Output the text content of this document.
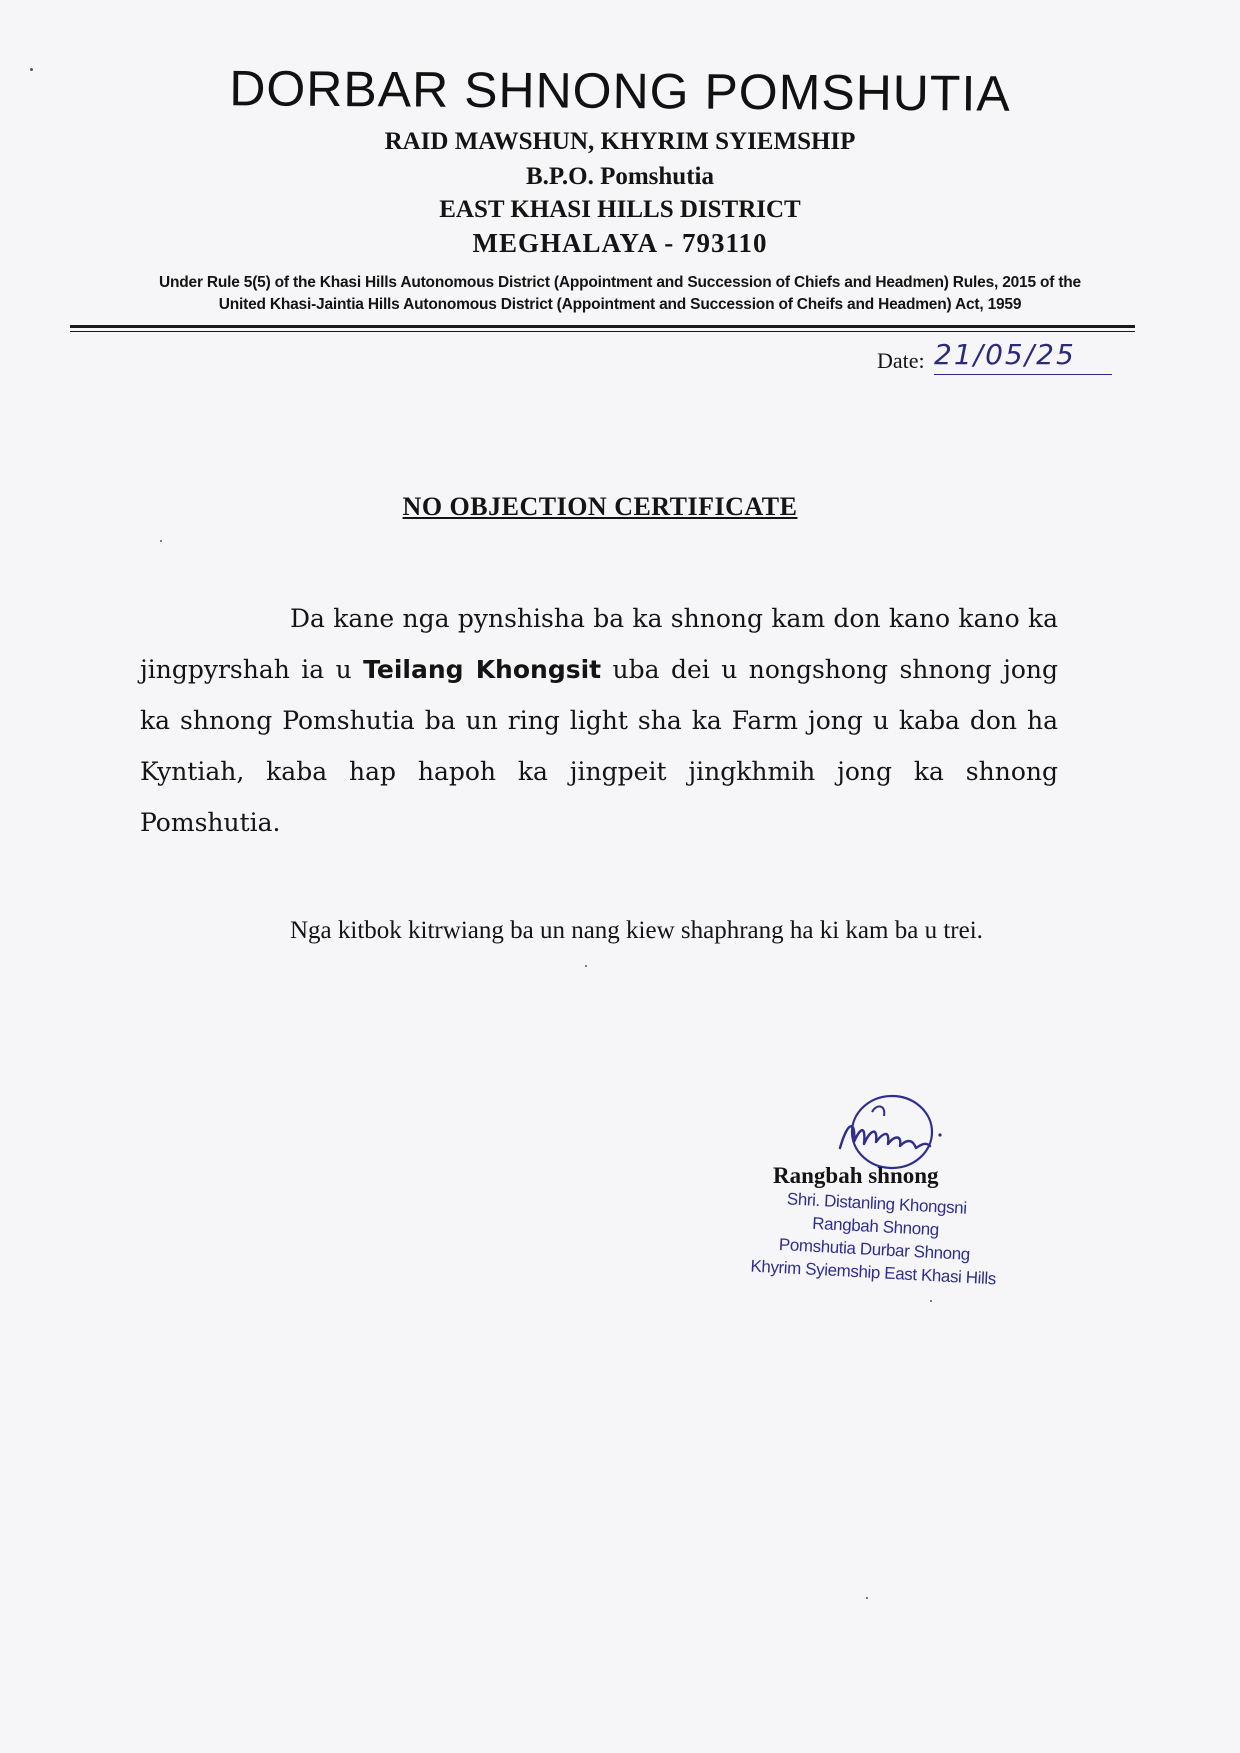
DORBAR SHNONG POMSHUTIA
RAID MAWSHUN, KHYRIM SYIEMSHIP
B.P.O. Pomshutia
EAST KHASI HILLS DISTRICT
MEGHALAYA - 793110
Under Rule 5(5) of the Khasi Hills Autonomous District (Appointment and Succession of Chiefs and Headmen) Rules, 2015 of the
United Khasi-Jaintia Hills Autonomous District (Appointment and Succession of Cheifs and Headmen) Act, 1959
Date: 21/05/25
NO OBJECTION CERTIFICATE
Da kane nga pynshisha ba ka shnong kam don kano kano ka jingpyrshah ia u Teilang Khongsit uba dei u nongshong shnong jong ka shnong Pomshutia ba un ring light sha ka Farm jong u kaba don ha Kyntiah, kaba hap hapoh ka jingpeit jingkhmih jong ka shnong Pomshutia.
Nga kitbok kitrwiang ba un nang kiew shaphrang ha ki kam ba u trei.
Rangbah shnong
Shri. Distanling Khongsni
Rangbah Shnong
Pomshutia Durbar Shnong
Khyrim Syiemship East Khasi Hills
